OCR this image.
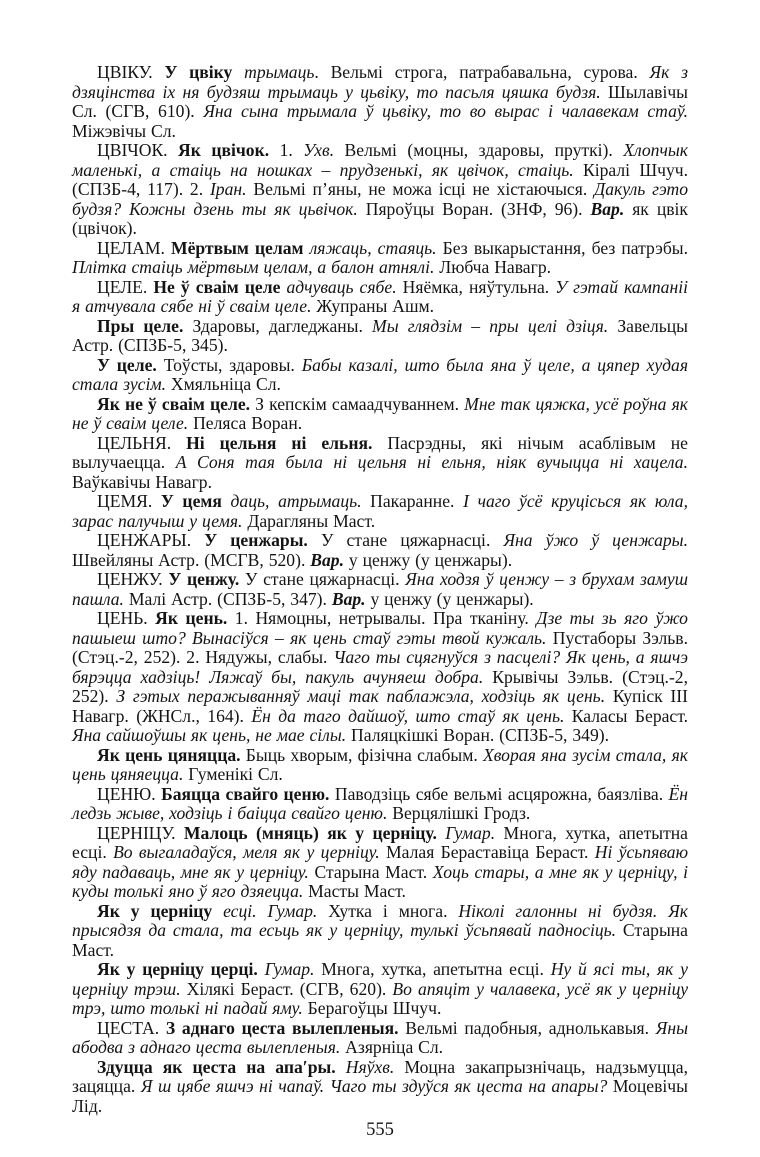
ЦВІКУ. У цвіку трымаць. Вельмі строга, патрабавальна, сурова. Як з дзяцінства іх ня будзяш трымаць у цьвіку, то пасьля цяшка будзя. Шылавічы Сл. (СГВ, 610). Яна сына трымала ў цьвіку, то во вырас і чалавекам стаў. Міжэвічы Сл.

ЦВІЧОК. Як цвічок. 1. Ухв. Вельмі (моцны, здаровы, пруткі). Хлопчык маленькі, а стаіць на ношках – прудзенькі, як цвічок, стаіць. Кіралі Шчуч. (СПЗБ-4, 117). 2. Іран. Вельмі п’яны, не можа ісці не хістаючыся. Дакуль гэто будзя? Кожны дзень ты як цьвічок. Пяроўцы Воран. (ЗНФ, 96). Вар. як цвік (цвічок).

ЦЕЛАМ. Мёртвым целам ляжаць, стаяць. Без выкарыстання, без патрэбы. Плітка стаіць мёртвым целам, а балон атнялі. Любча Навагр.

ЦЕЛЕ. Не ў сваім целе адчуваць сябе. Няёмка, няўтульна. У гэтай кампаніі я атчувала сябе ні ў сваім целе. Жупраны Ашм.

Пры целе. Здаровы, дагледжаны. Мы глядзім – пры целі дзіця. Завельцы Астр. (СПЗБ-5, 345).

У целе. Тоўсты, здаровы. Бабы казалі, што была яна ў целе, а цяпер худая стала зусім. Хмяльніца Сл.

Як не ў сваім целе. З кепскім самаадчуваннем. Мне так цяжка, усё роўна як не ў сваім целе. Пеляса Воран.

ЦЕЛЬНЯ. Ні цельня ні ельня. Пасрэдны, які нічым асаблівым не вылучаецца. А Соня тая была ні цельня ні ельня, ніяк вучыцца ні хацела. Ваўкавічы Навагр.

ЦЕМЯ. У цемя даць, атрымаць. Пакаранне. І чаго ўсё круцісься як юла, зарас палучыш у цемя. Дарагляны Маст.

ЦЕНЖАРЫ. У ценжары. У стане цяжарнасці. Яна ўжо ў ценжары. Швейляны Астр. (МСГВ, 520). Вар. у ценжу (у ценжары).

ЦЕНЖУ. У ценжу. У стане цяжарнасці. Яна ходзя ў ценжу – з брухам замуш пашла. Малі Астр. (СПЗБ-5, 347). Вар. у ценжу (у ценжары).

ЦЕНЬ. Як цень. 1. Нямоцны, нетрывалы. Пра тканіну. Дзе ты зь яго ўжо пашыеш што? Вынасіўся – як цень стаў гэты твой кужаль. Пустаборы Зэльв. (Стэц.-2, 252). 2. Нядужы, слабы. Чаго ты сцягнуўся з пасцелі? Як цень, а яшчэ бярэцца хадзіць! Ляжаў бы, пакуль ачуняеш добра. Крывічы Зэльв. (Стэц.-2, 252). З гэтых перажыванняў маці так паблажэла, ходзіць як цень. Купіск III Навагр. (ЖНСл., 164). Ён да таго дайшоў, што стаў як цень. Каласы Бераст. Яна сайшоўшы як цень, не мае сілы. Паляцкішкі Воран. (СПЗБ-5, 349).

Як цень цяняцца. Быць хворым, фізічна слабым. Хворая яна зусім стала, як цень цяняецца. Гуменікі Сл.

ЦЕНЮ. Баяцца свайго ценю. Паводзіць сябе вельмі асцярожна, баязліва. Ён ледзь жыве, ходзіць і баіцца свайго ценю. Верцялішкі Гродз.

ЦЕРНІЦУ. Малоць (мняць) як у церніцу. Гумар. Многа, хутка, апетытна есці. Во выгаладаўся, меля як у церніцу. Малая Бераставіца Бераст. Ні ўсьпяваю яду падаваць, мне як у церніцу. Старына Маст. Хоць стары, а мне як у церніцу, і куды толькі яно ў яго дзяецца. Масты Маст.

Як у церніцу есці. Гумар. Хутка і многа. Ніколі галонны ні будзя. Як прысядзя да стала, та есьць як у церніцу, тулькі ўсьпявай падносіць. Старына Маст.

Як у церніцу церці. Гумар. Многа, хутка, апетытна есці. Ну й ясі ты, як у церніцу трэш. Хілякі Бераст. (СГВ, 620). Во апяціт у чалавека, усё як у церніцу трэ, што толькі ні падай яму. Берагоўцы Шчуч.

ЦЕСТА. З аднаго цеста вылепленыя. Вельмі падобныя, аднолькавыя. Яны абодва з аднаго цеста вылепленыя. Азярніца Сл.

Здуцца як цеста на апа′ры. Няўхв. Моцна закапрызнічаць, надзьмуцца, зацяцца. Я ш цябе яшчэ ні чапаў. Чаго ты здуўся як цеста на апары? Моцевічы Лід.

555
